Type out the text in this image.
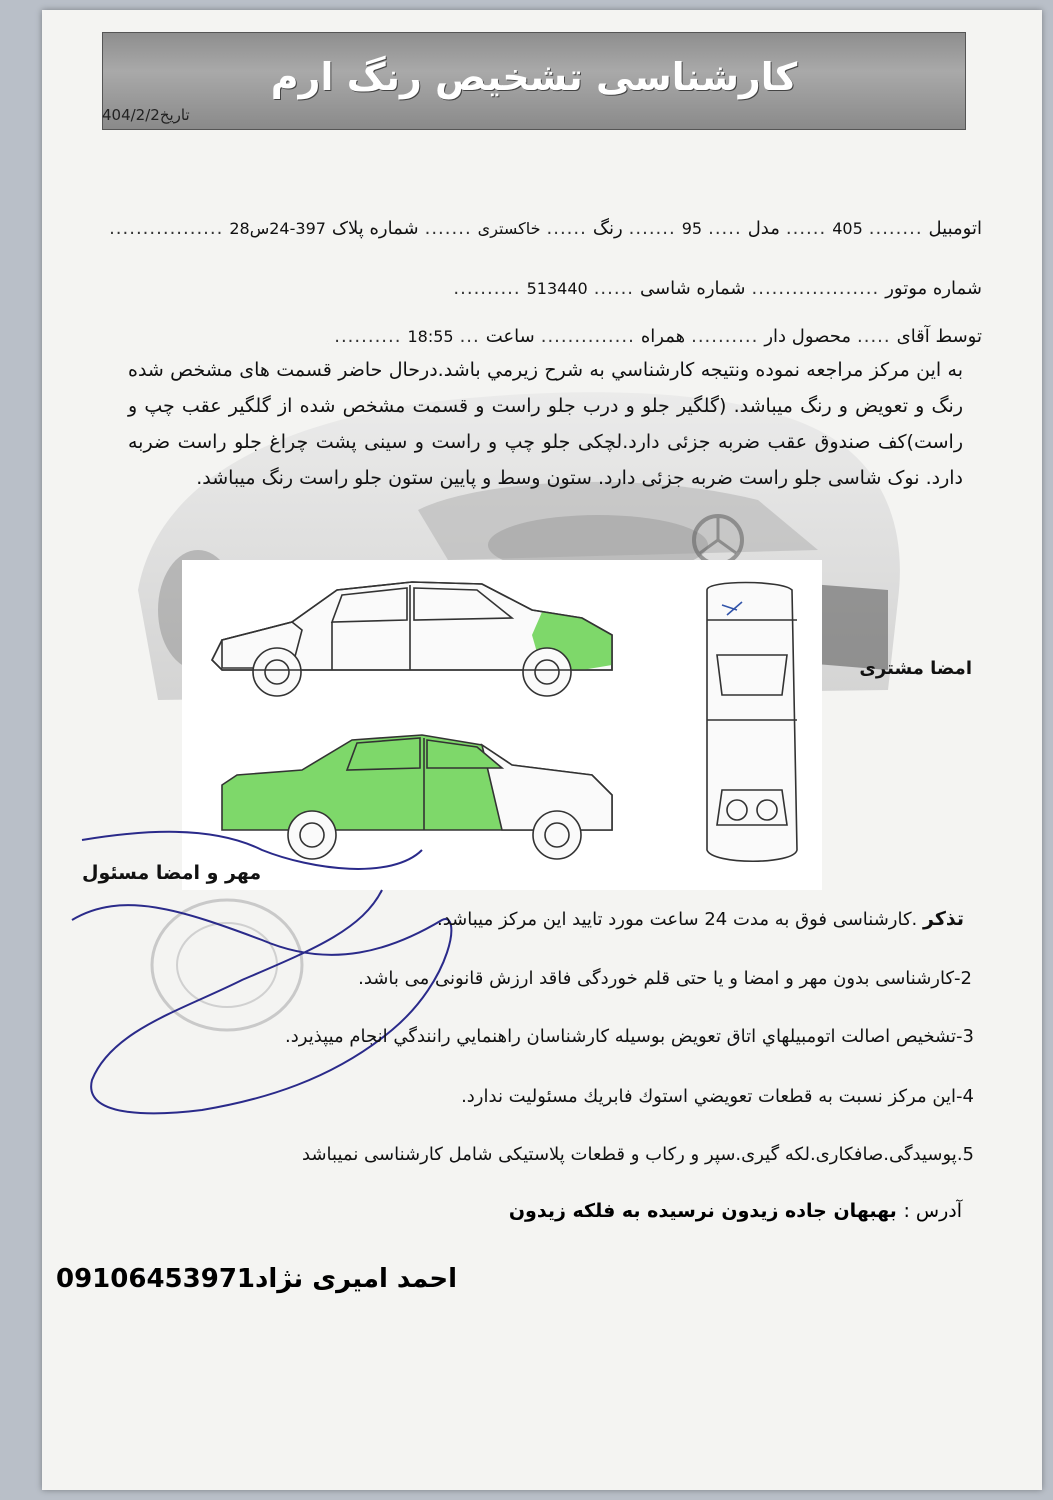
کارشناسی تشخیص رنگ ارم
تاریخ404/2/2
اتومبیل
........
405
......
مدل
.....
95
.......
رنگ
......
خاکستری
.......
شماره پلاک
24-397س28
.................
شماره موتور
...................
شماره شاسی
......
513440
..........
توسط آقای
.....
محصول دار
..........
همراه
..............
ساعت
...
18:55
..........
به این مرکز مراجعه نموده ونتیجه کارشناسي به شرح زیرمي باشد.درحال حاضر قسمت های مشخص شده رنگ و تعویض و رنگ میباشد. (گلگیر جلو و درب جلو راست و قسمت مشخص شده از گلگیر عقب چپ و راست)کف صندوق عقب ضربه جزئی دارد.لچکی جلو چپ و راست و سینی پشت چراغ جلو راست ضربه دارد. نوک شاسی جلو راست ضربه جزئی دارد. ستون وسط و پایین ستون جلو راست رنگ میباشد.
امضا مشتری
مهر و امضا مسئول
تذکر .کارشناسی فوق به مدت 24 ساعت مورد تایید این مرکز میباشد.
2-کارشناسی بدون مهر و امضا و یا حتی قلم خوردگی فاقد ارزش قانونی می باشد.
3-تشخیص اصالت اتومبیلهاي اتاق تعویض بوسیله کارشناسان راهنمایي رانندگي انجام میپذیرد.
4-این مرکز نسبت به قطعات تعویضي استوك فابریك مسئولیت ندارد.
5.پوسیدگی.صافکاری.لکه گیری.سپر و رکاب و قطعات پلاستیکی شامل کارشناسی نمیباشد
آدرس : بهبهان جاده زیدون نرسیده به فلکه زیدون
احمد امیری نژاد09106453971
